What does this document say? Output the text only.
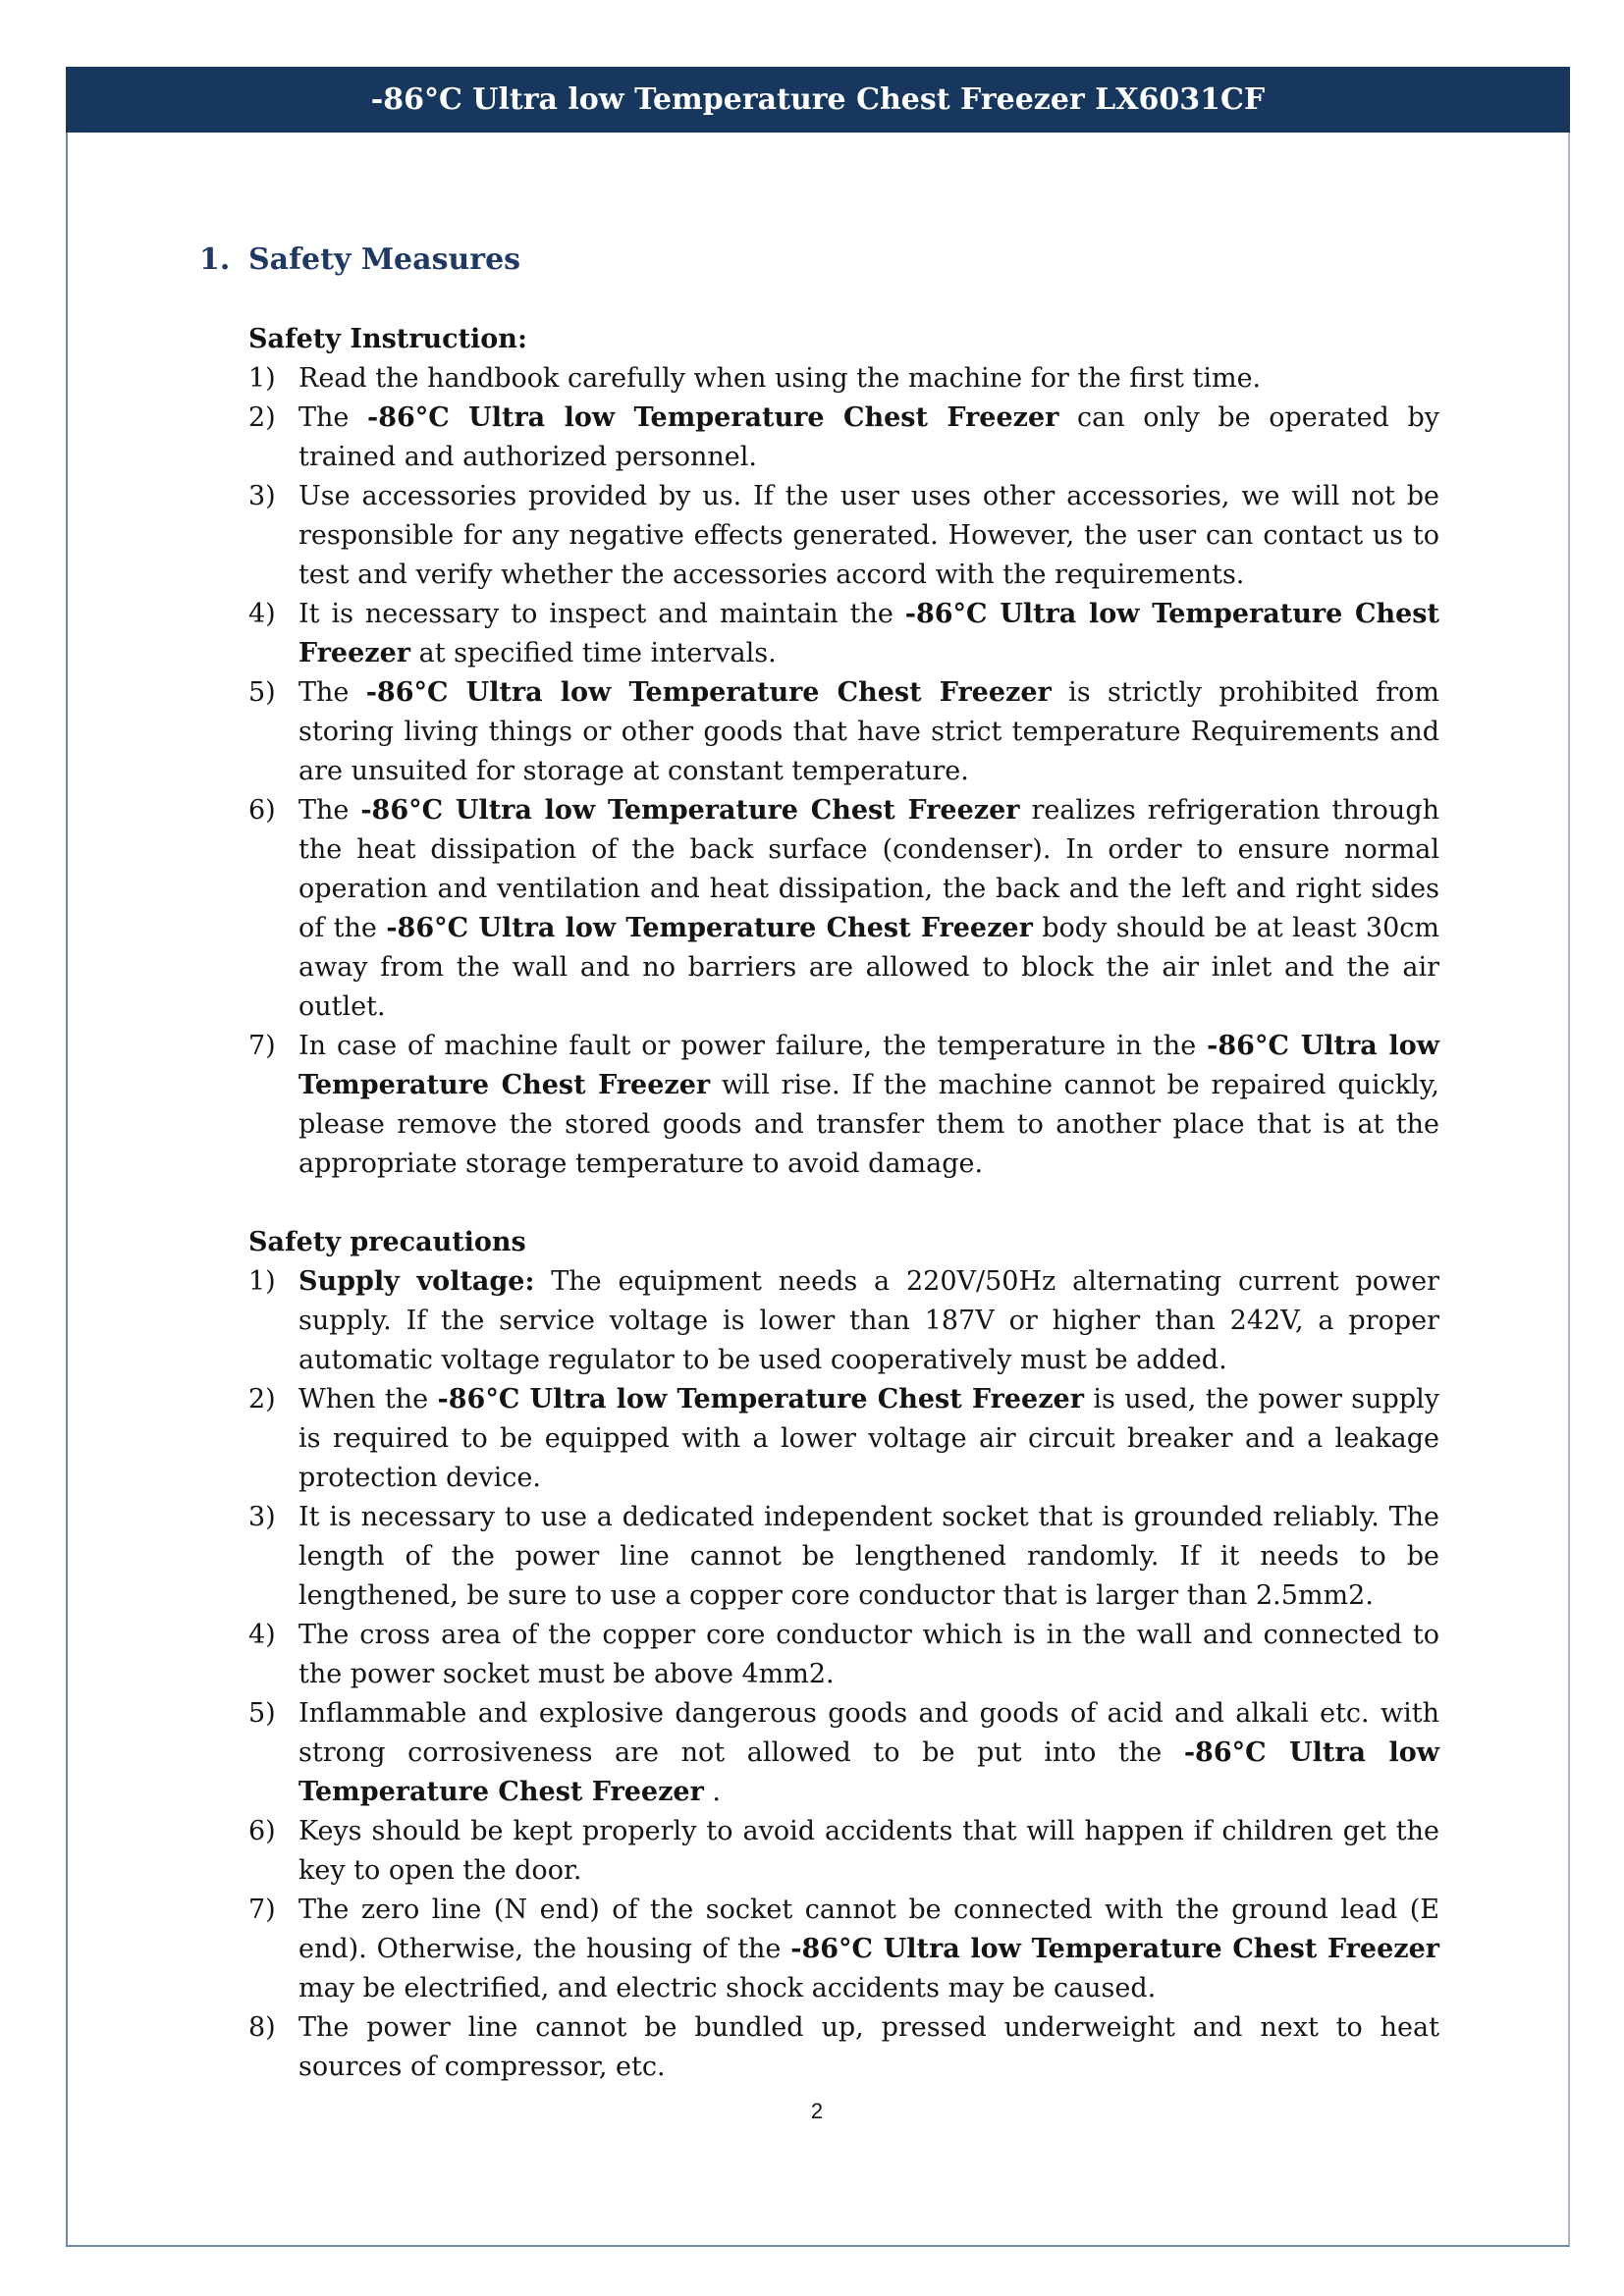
-86°C Ultra low Temperature Chest Freezer LX6031CF
1. Safety Measures
Safety Instruction:
1) Read the handbook carefully when using the machine for the first time.
2) The -86°C Ultra low Temperature Chest Freezer can only be operated by
trained and authorized personnel.
3) Use accessories provided by us. If the user uses other accessories, we will not be
responsible for any negative effects generated. However, the user can contact us to
test and verify whether the accessories accord with the requirements.
4) It is necessary to inspect and maintain the -86°C Ultra low Temperature Chest
Freezer at specified time intervals.
5) The -86°C Ultra low Temperature Chest Freezer is strictly prohibited from
storing living things or other goods that have strict temperature Requirements and
are unsuited for storage at constant temperature.
6) The -86°C Ultra low Temperature Chest Freezer realizes refrigeration through
the heat dissipation of the back surface (condenser). In order to ensure normal
operation and ventilation and heat dissipation, the back and the left and right sides
of the -86°C Ultra low Temperature Chest Freezer body should be at least 30cm
away from the wall and no barriers are allowed to block the air inlet and the air
outlet.
7) In case of machine fault or power failure, the temperature in the -86°C Ultra low
Temperature Chest Freezer will rise. If the machine cannot be repaired quickly,
please remove the stored goods and transfer them to another place that is at the
appropriate storage temperature to avoid damage.
Safety precautions
1) Supply voltage: The equipment needs a 220V/50Hz alternating current power
supply. If the service voltage is lower than 187V or higher than 242V, a proper
automatic voltage regulator to be used cooperatively must be added.
2) When the -86°C Ultra low Temperature Chest Freezer is used, the power supply
is required to be equipped with a lower voltage air circuit breaker and a leakage
protection device.
3) It is necessary to use a dedicated independent socket that is grounded reliably. The
length of the power line cannot be lengthened randomly. If it needs to be
lengthened, be sure to use a copper core conductor that is larger than 2.5mm2.
4) The cross area of the copper core conductor which is in the wall and connected to
the power socket must be above 4mm2.
5) Inflammable and explosive dangerous goods and goods of acid and alkali etc. with
strong corrosiveness are not allowed to be put into the -86°C Ultra low
Temperature Chest Freezer .
6) Keys should be kept properly to avoid accidents that will happen if children get the
key to open the door.
7) The zero line (N end) of the socket cannot be connected with the ground lead (E
end). Otherwise, the housing of the -86°C Ultra low Temperature Chest Freezer
may be electrified, and electric shock accidents may be caused.
8) The power line cannot be bundled up, pressed underweight and next to heat
sources of compressor, etc.
2
